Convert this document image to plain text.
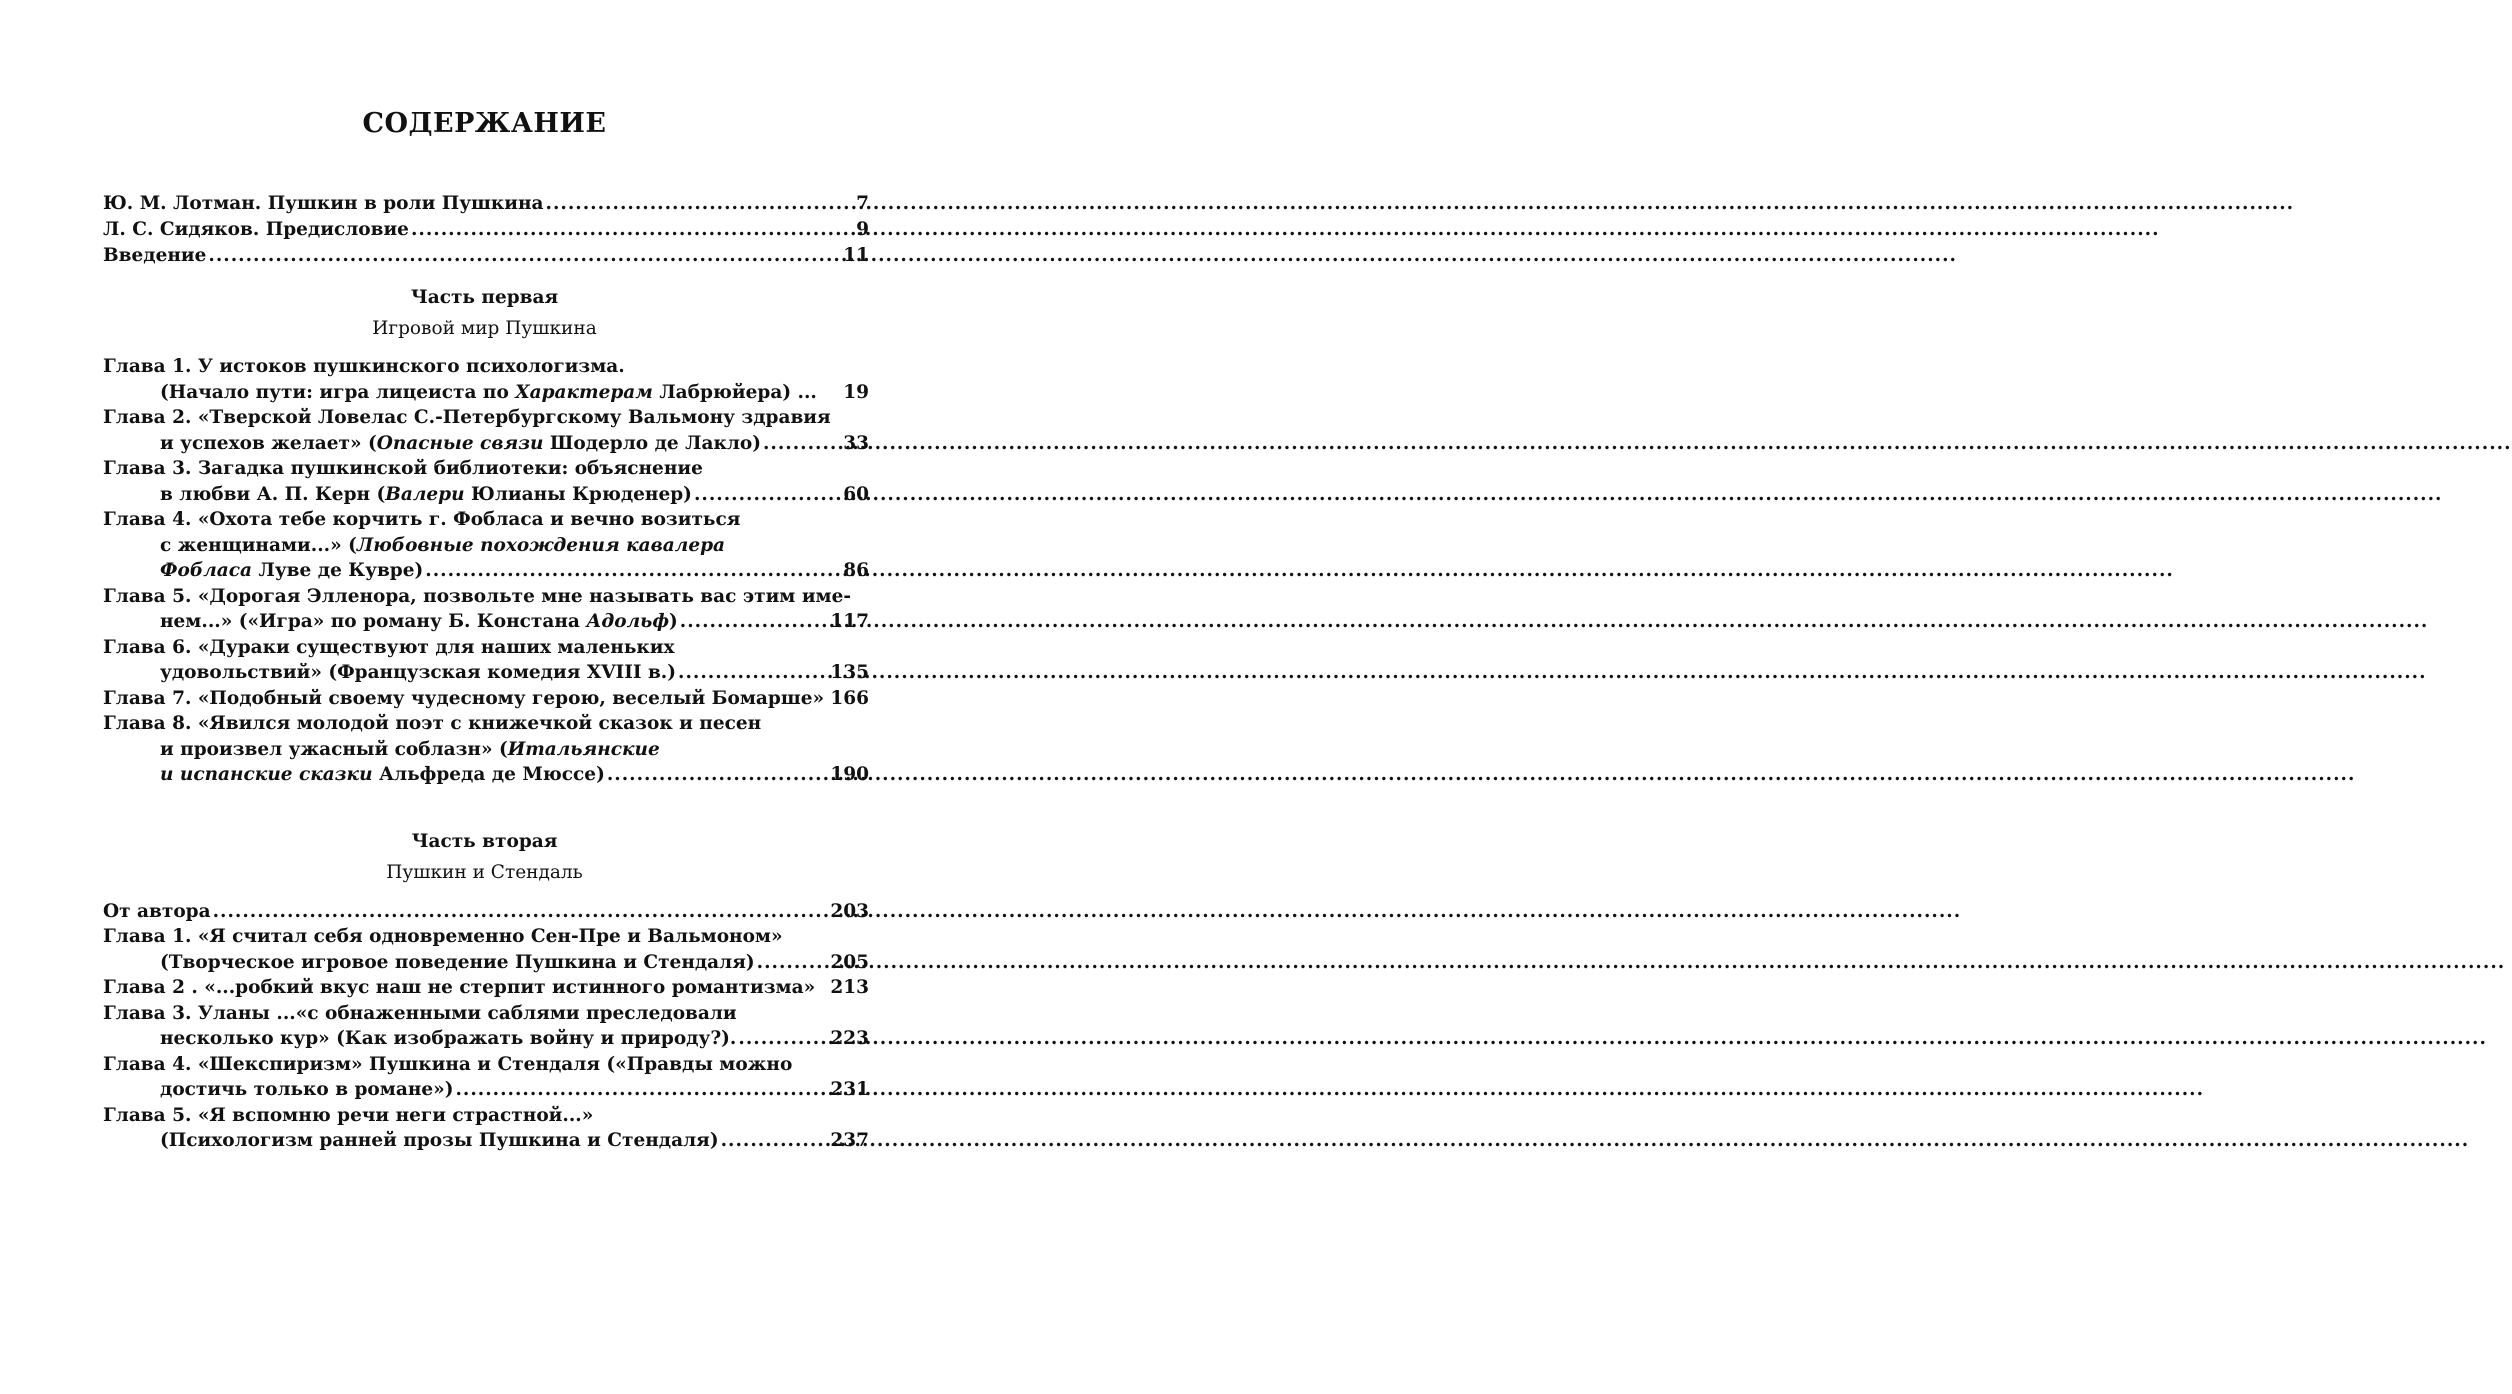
СОДЕРЖАНИЕ
Ю. М. Лотман. Пушкин в роли Пушкина .....	7
Л. С. Сидяков. Предисловие .....	9
Введение .....	11
Часть первая
Игровой мир Пушкина
Глава 1. У истоков пушкинского психологизма.
(Начало пути: игра лицеиста по Характерам Лабрюйера) ... 19
Глава 2. «Тверской Ловелас С.-Петербургскому Вальмону здравия
и успехов желает» (Опасные связи Шодерло де Лакло) .....	33
Глава 3. Загадка пушкинской библиотеки: объяснение
в любви А. П. Керн (Валери Юлианы Крюденер) .....	60
Глава 4. «Охота тебе корчить г. Фобласа и вечно возиться
с женщинами...» (Любовные похождения кавалера
Фобласа Луве де Кувре) .....	86
Глава 5. «Дорогая Элленора, позвольте мне называть вас этим име-
нем...» («Игра» по роману Б. Констана Адольф) .....	117
Глава 6. «Дураки существуют для наших маленьких
удовольствий» (Французская комедия XVIII в.) .....	135
Глава 7. «Подобный своему чудесному герою, веселый Бомарше» 166
Глава 8. «Явился молодой поэт с книжечкой сказок и песен
и произвел ужасный соблазн» (Итальянские
и испанские сказки Альфреда де Мюссе) .....	190
Часть вторая
Пушкин и Стендаль
От автора .....	203
Глава 1. «Я считал себя одновременно Сен-Пре и Вальмоном»
(Творческое игровое поведение Пушкина и Стендаля) .....	205
Глава 2 . «...робкий вкус наш не стерпит истинного романтизма» 213
Глава 3. Уланы ...«с обнаженными саблями преследовали
несколько кур» (Как изображать войну и природу?). .....	223
Глава 4. «Шекспиризм» Пушкина и Стендаля («Правды можно
достичь только в романе») .....	231
Глава 5. «Я вспомню речи неги страстной...»
(Психологизм ранней прозы Пушкина и Стендаля) .....	237
